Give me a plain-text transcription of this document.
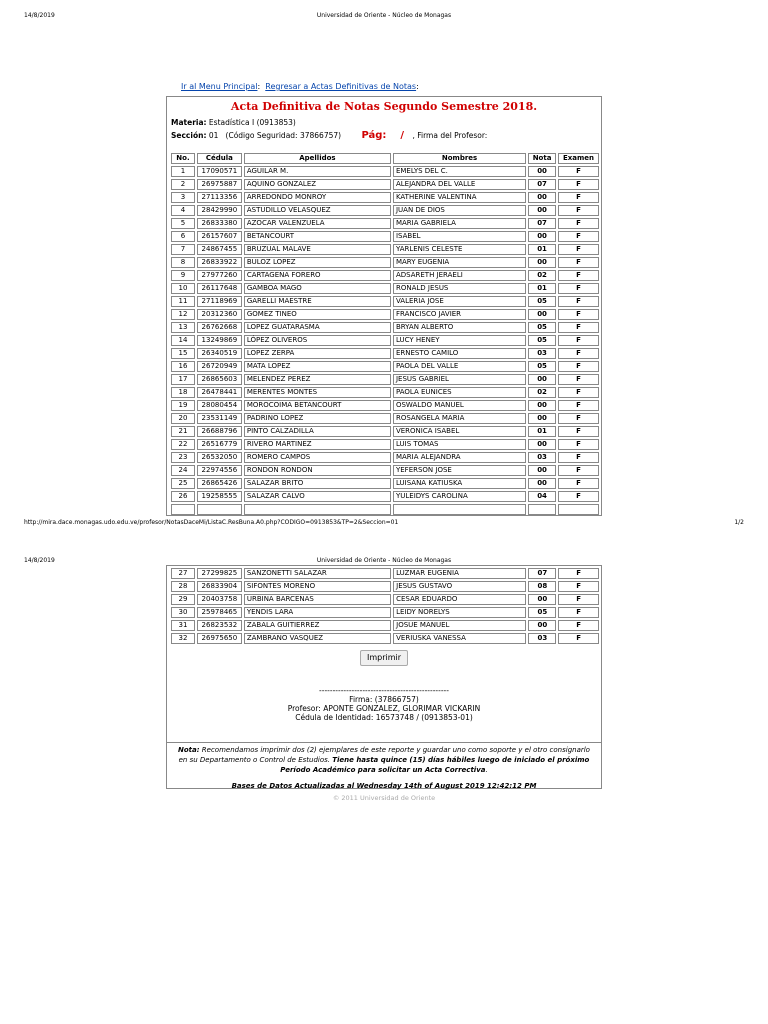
14/8/2019	Universidad de Oriente - Núcleo de Monagas
Ir al Menu Principal: Regresar a Actas Definitivas de Notas:
Acta Definitiva de Notas Segundo Semestre 2018.
Materia: Estadística I (0913853)
Sección: 01 (Código Seguridad: 37866757) Pág: / , Firma del Profesor:
No.	Cédula	Apellidos	Nombres	Nota	Examen
1	17090571	AGUILAR M.	EMELYS DEL C.	00	F
2	26975887	AQUINO GONZALEZ	ALEJANDRA DEL VALLE	07	F
3	27113356	ARREDONDO MONROY	KATHERINE VALENTINA	00	F
4	28429990	ASTUDILLO VELASQUEZ	JUAN DE DIOS	00	F
5	26833380	AZOCAR VALENZUELA	MARIA GABRIELA	07	F
6	26157607	BETANCOURT	ISABEL	00	F
7	24867455	BRUZUAL MALAVE	YARLENIS CELESTE	01	F
8	26833922	BULOZ LOPEZ	MARY EUGENIA	00	F
9	27977260	CARTAGENA FORERO	ADSARETH JERAELI	02	F
10	26117648	GAMBOA MAGO	RONALD JESUS	01	F
11	27118969	GARELLI MAESTRE	VALERIA JOSE	05	F
12	20312360	GOMEZ TINEO	FRANCISCO JAVIER	00	F
13	26762668	LOPEZ GUATARASMA	BRYAN ALBERTO	05	F
14	13249869	LÓPEZ OLIVEROS	LUCY HENEY	05	F
15	26340519	LOPEZ ZERPA	ERNESTO CAMILO	03	F
16	26720949	MATA LOPEZ	PAOLA DEL VALLE	05	F
17	26865603	MELENDEZ PEREZ	JESUS GABRIEL	00	F
18	26478441	MERENTES MONTES	PAOLA EUNICES	02	F
19	28080454	MOROCOIMA BETANCOURT	OSWALDO MANUEL	00	F
20	23531149	PADRINO LOPEZ	ROSANGELA MARIA	00	F
21	26688796	PINTO CALZADILLA	VERONICA ISABEL	01	F
22	26516779	RIVERO MARTINEZ	LUIS TOMAS	00	F
23	26532050	ROMERO CAMPOS	MARIA ALEJANDRA	03	F
24	22974556	RONDON RONDON	YEFERSON JOSE	00	F
25	26865426	SALAZAR BRITO	LUISANA KATIUSKA	00	F
26	19258555	SALAZAR CALVO	YULEIDYS CAROLINA	04	F

http://mira.dace.monagas.udo.edu.ve/profesor/NotasDaceMi/ListaC.ResBuna.A0.php?CODIGO=0913853&TP=2&Seccion=01	1/2
14/8/2019	Universidad de Oriente - Núcleo de Monagas
27	27299825	SANZONETTI SALAZAR	LUZMAR EUGENIA	07	F
28	26833904	SIFONTES MORENO	JESUS GUSTAVO	08	F
29	20403758	URBINA BARCENAS	CESAR EDUARDO	00	F
30	25978465	YENDIS LARA	LEIDY NORELYS	05	F
31	26823532	ZABALA GUITIERREZ	JOSUE MANUEL	00	F
32	26975650	ZAMBRANO VASQUEZ	VERIUSKA VANESSA	03	F
Imprimir
------------------------------------------------
Firma: (37866757)
Profesor: APONTE GONZALEZ, GLORIMAR VICKARIN
Cédula de Identidad: 16573748 / (0913853-01)
Nota: Recomendamos imprimir dos (2) ejemplares de este reporte y guardar uno como soporte y el otro consignarlo en su Departamento o Control de Estudios. Tiene hasta quince (15) días hábiles luego de iniciado el próximo Período Académico para solicitar un Acta Correctiva.
Bases de Datos Actualizadas al Wednesday 14th of August 2019 12:42:12 PM
© 2011 Universidad de Oriente
